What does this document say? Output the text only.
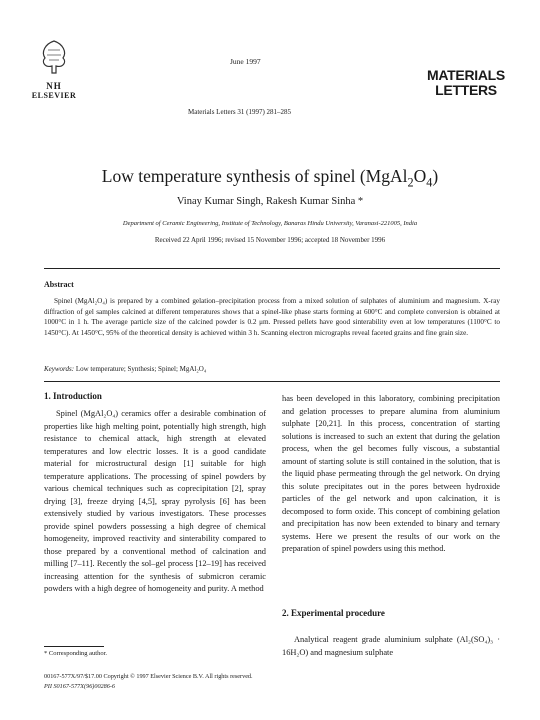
NH
ELSEVIER
June 1997
Materials Letters 31 (1997) 281–285
MATERIALS
LETTERS
Low temperature synthesis of spinel $(MgAl_2O_4)$
Vinay Kumar Singh, Rakesh Kumar Sinha *
Department of Ceramic Engineering, Institute of Technology, Banaras Hindu University, Varanasi-221005, India
Received 22 April 1996; revised 15 November 1996; accepted 18 November 1996
Abstract
Spinel (MgAl₂O₄) is prepared by a combined gelation–precipitation process from a mixed solution of sulphates of aluminium and magnesium. X-ray diffraction of gel samples calcined at different temperatures shows that a spinel-like phase starts forming at 600°C and complete conversion is obtained at 1000°C in 1 h. The average particle size of the calcined powder is 0.2 μm. Pressed pellets have good sinterability even at low temperatures (1100°C to 1450°C). At 1450°C, 95% of the theoretical density is achieved within 3 h. Scanning electron micrographs reveal faceted grains and fine grain size.
Keywords: Low temperature; Synthesis; Spinel; MgAl₂O₄
1. Introduction
Spinel (MgAl₂O₄) ceramics offer a desirable combination of properties like high melting point, potentially high strength, high resistance to chemical attack, high strength at elevated temperatures and low electric losses. It is a good candidate material for microstructural design [1] suitable for high temperature applications. The processing of spinel powders by various chemical techniques such as coprecipitation [2], spray drying [3], freeze drying [4,5], spray pyrolysis [6] has been extensively studied by various investigators. These processes provide spinel powders possessing a high degree of chemical homogeneity, improved reactivity and sinterability compared to those prepared by a conventional method of calcination and milling [7–11]. Recently the sol–gel process [12–19] has received increasing attention for the synthesis of submicron ceramic powders with a high degree of homogeneity and purity. A method
has been developed in this laboratory, combining precipitation and gelation processes to prepare alumina from aluminium sulphate [20,21]. In this process, concentration of starting solutions is increased to such an extent that during the gelation process, when the gel becomes fully viscous, a substantial amount of starting solute is still contained in the solution, that is the liquid phase permeating through the gel network. On drying this solute precipitates out in the pores between hydroxide particles of the gel network and upon calcination, it is decomposed to form oxide. This concept of combining gelation and precipitation has now been extended to binary and ternary systems. Here we present the results of our work on the preparation of spinel powders using this method.
2. Experimental procedure
Analytical reagent grade aluminium sulphate (Al₂(SO₄)₃ · 16H₂O) and magnesium sulphate
* Corresponding author.
00167-577X/97/$17.00 Copyright © 1997 Elsevier Science B.V. All rights reserved.
PII S0167-577X(96)00286-6
